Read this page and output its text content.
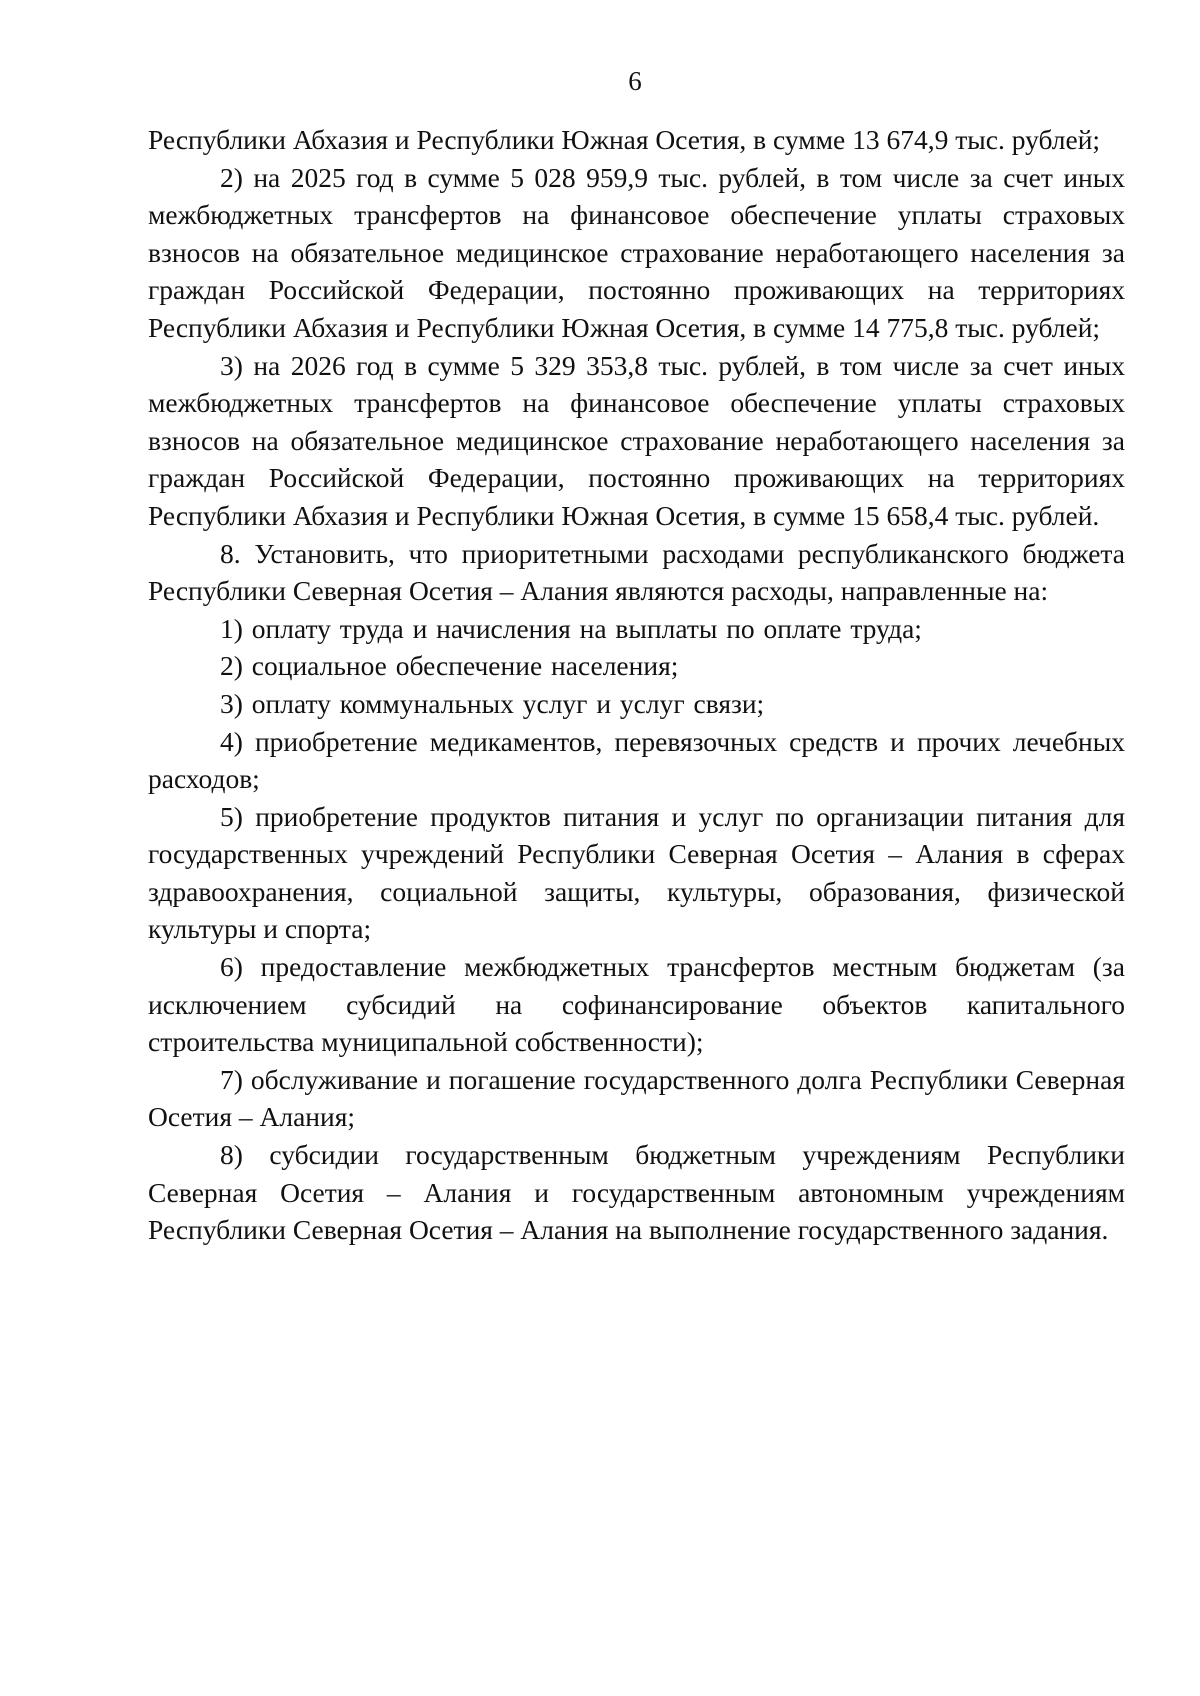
6

Республики Абхазия и Республики Южная Осетия, в сумме 13 674,9 тыс. рублей;

2) на 2025 год в сумме 5 028 959,9 тыс. рублей, в том числе за счет иных межбюджетных трансфертов на финансовое обеспечение уплаты страховых взносов на обязательное медицинское страхование неработающего населения за граждан Российской Федерации, постоянно проживающих на территориях Республики Абхазия и Республики Южная Осетия, в сумме 14 775,8 тыс. рублей;

3) на 2026 год в сумме 5 329 353,8 тыс. рублей, в том числе за счет иных межбюджетных трансфертов на финансовое обеспечение уплаты страховых взносов на обязательное медицинское страхование неработающего населения за граждан Российской Федерации, постоянно проживающих на территориях Республики Абхазия и Республики Южная Осетия, в сумме 15 658,4 тыс. рублей.

8. Установить, что приоритетными расходами республиканского бюджета Республики Северная Осетия – Алания являются расходы, направленные на:

1) оплату труда и начисления на выплаты по оплате труда;

2) социальное обеспечение населения;

3) оплату коммунальных услуг и услуг связи;

4) приобретение медикаментов, перевязочных средств и прочих лечебных расходов;

5) приобретение продуктов питания и услуг по организации питания для государственных учреждений Республики Северная Осетия – Алания в сферах здравоохранения, социальной защиты, культуры, образования, физической культуры и спорта;

6) предоставление межбюджетных трансфертов местным бюджетам (за исключением субсидий на софинансирование объектов капитального строительства муниципальной собственности);

7) обслуживание и погашение государственного долга Республики Северная Осетия – Алания;

8) субсидии государственным бюджетным учреждениям Республики Северная Осетия – Алания и государственным автономным учреждениям Республики Северная Осетия – Алания на выполнение государственного задания.
